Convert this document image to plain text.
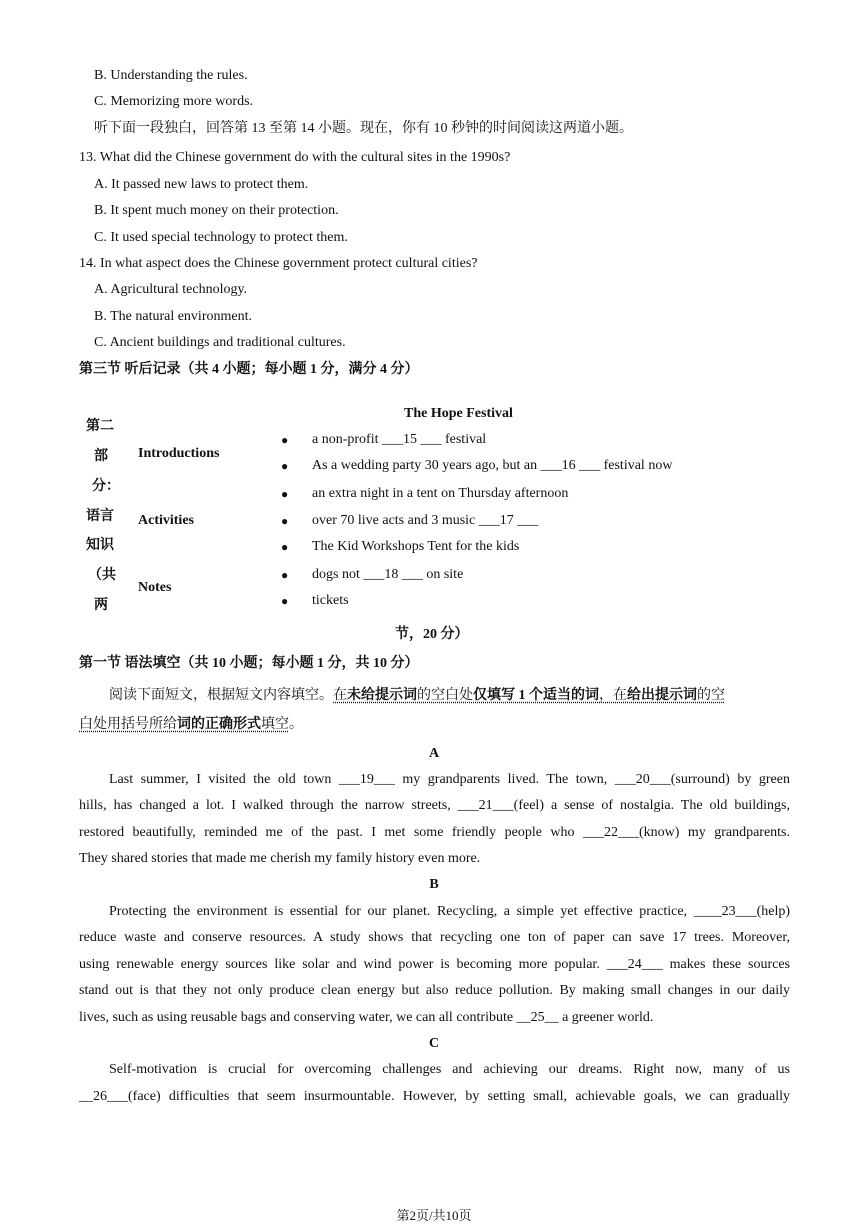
B. Understanding the rules.
C. Memorizing more words.
听下面一段独白，回答第 13 至第 14 小题。现在，你有 10 秒钟的时间阅读这两道小题。
13. What did the Chinese government do with the cultural sites in the 1990s?
A. It passed new laws to protect them.
B. It spent much money on their protection.
C. It used special technology to protect them.
14. In what aspect does the Chinese government protect cultural cities?
A. Agricultural technology.
B. The natural environment.
C. Ancient buildings and traditional cultures.
第三节 听后记录（共 4 小题；每小题 1 分，满分 4 分）
第二
部
分：
语言
知识
（共
两
The Hope Festival
Introductions
● a non-profit ___15 ___ festival
● As a wedding party 30 years ago, but an ___16 ___ festival now
Activities
● an extra night in a tent on Thursday afternoon
● over 70 live acts and 3 music ___17 ___
● The Kid Workshops Tent for the kids
Notes
● dogs not ___18 ___ on site
● tickets
节，20 分）
第一节 语法填空（共 10 小题；每小题 1 分，共 10 分）
阅读下面短文，根据短文内容填空。在未给提示词的空白处仅填写 1 个适当的词，在给出提示词的空
白处用括号所给词的正确形式填空。
A
Last summer, I visited the old town ___19___ my grandparents lived. The town, ___20___(surround) by green
hills, has changed a lot. I walked through the narrow streets, ___21___(feel) a sense of nostalgia. The old buildings,
restored beautifully, reminded me of the past. I met some friendly people who ___22___(know) my grandparents.
They shared stories that made me cherish my family history even more.
B
Protecting the environment is essential for our planet. Recycling, a simple yet effective practice, ____23___(help)
reduce waste and conserve resources. A study shows that recycling one ton of paper can save 17 trees. Moreover,
using renewable energy sources like solar and wind power is becoming more popular. ___24___ makes these sources
stand out is that they not only produce clean energy but also reduce pollution. By making small changes in our daily
lives, such as using reusable bags and conserving water, we can all contribute __25__ a greener world.
C
Self-motivation is crucial for overcoming challenges and achieving our dreams. Right now, many of us
__26___(face) difficulties that seem insurmountable. However, by setting small, achievable goals, we can gradually
第2页/共10页
